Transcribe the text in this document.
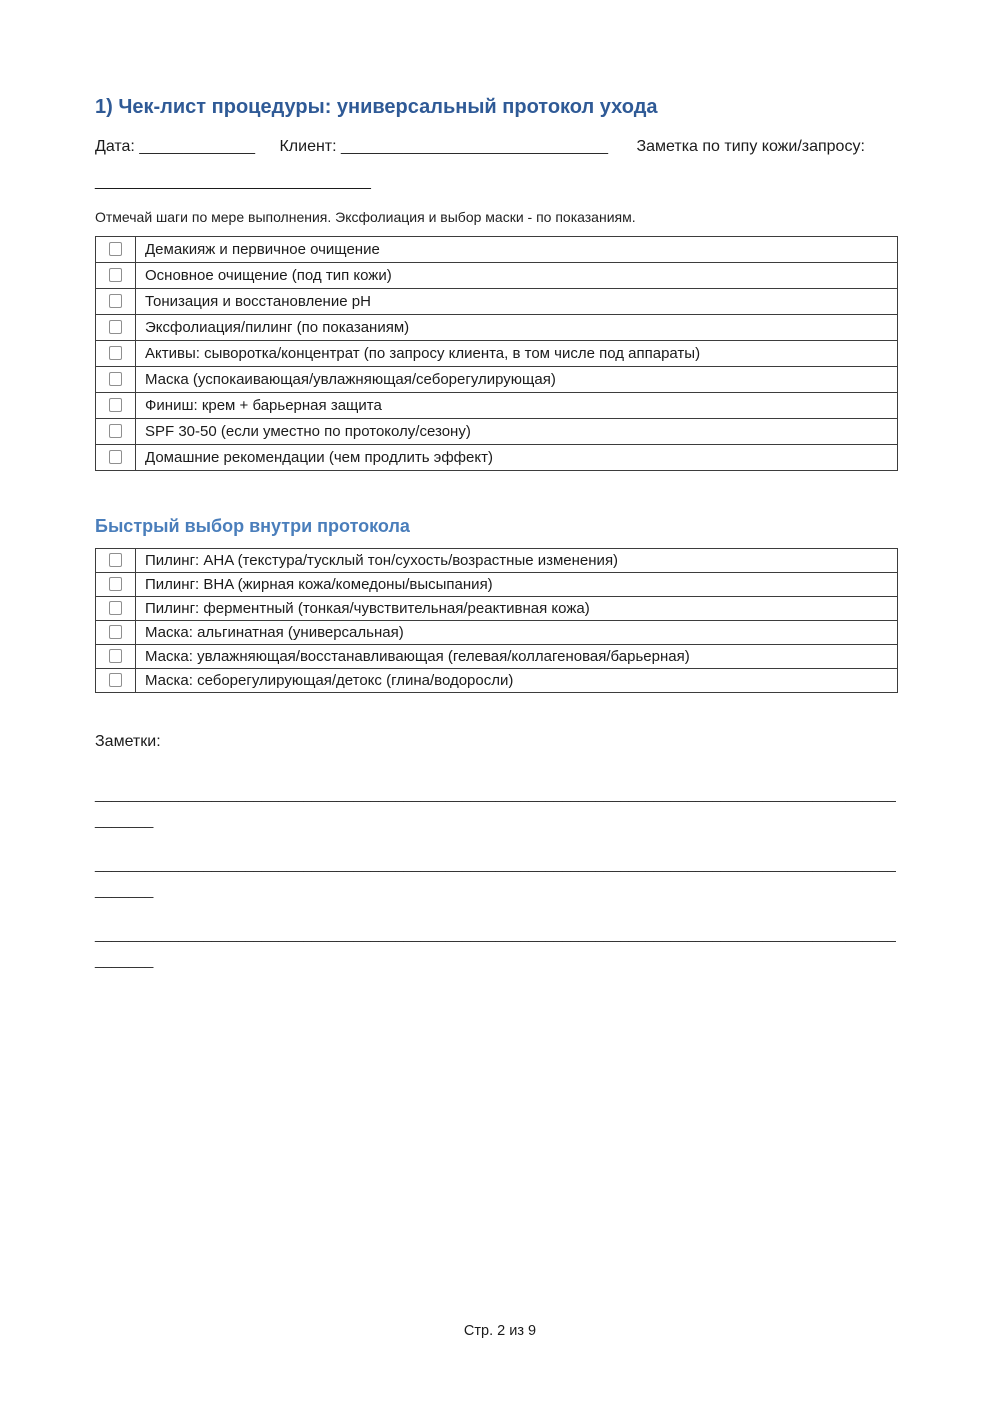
1) Чек-лист процедуры: универсальный протокол ухода

Дата: _____________ Клиент: ______________________________ Заметка по типу кожи/запросу:

_______________________________

Отмечай шаги по мере выполнения. Эксфолиация и выбор маски - по показаниям.

	Демакияж и первичное очищение
	Основное очищение (под тип кожи)
	Тонизация и восстановление pH
	Эксфолиация/пилинг (по показаниям)
	Активы: сыворотка/концентрат (по запросу клиента, в том числе под аппараты)
	Маска (успокаивающая/увлажняющая/себорегулирующая)
	Финиш: крем + барьерная защита
	SPF 30-50 (если уместно по протоколу/сезону)
	Домашние рекомендации (чем продлить эффект)
Быстрый выбор внутри протокола
	Пилинг: AHA (текстура/тусклый тон/сухость/возрастные изменения)
	Пилинг: BHA (жирная кожа/комедоны/высыпания)
	Пилинг: ферментный (тонкая/чувствительная/реактивная кожа)
	Маска: альгинатная (универсальная)
	Маска: увлажняющая/восстанавливающая (гелевая/коллагеновая/барьерная)
	Маска: себорегулирующая/детокс (глина/водоросли)

Заметки:

_______________________________________________________________________________________________________

_______________________________________________________________________________________________________

_______________________________________________________________________________________________________

Стр. 2 из 9
